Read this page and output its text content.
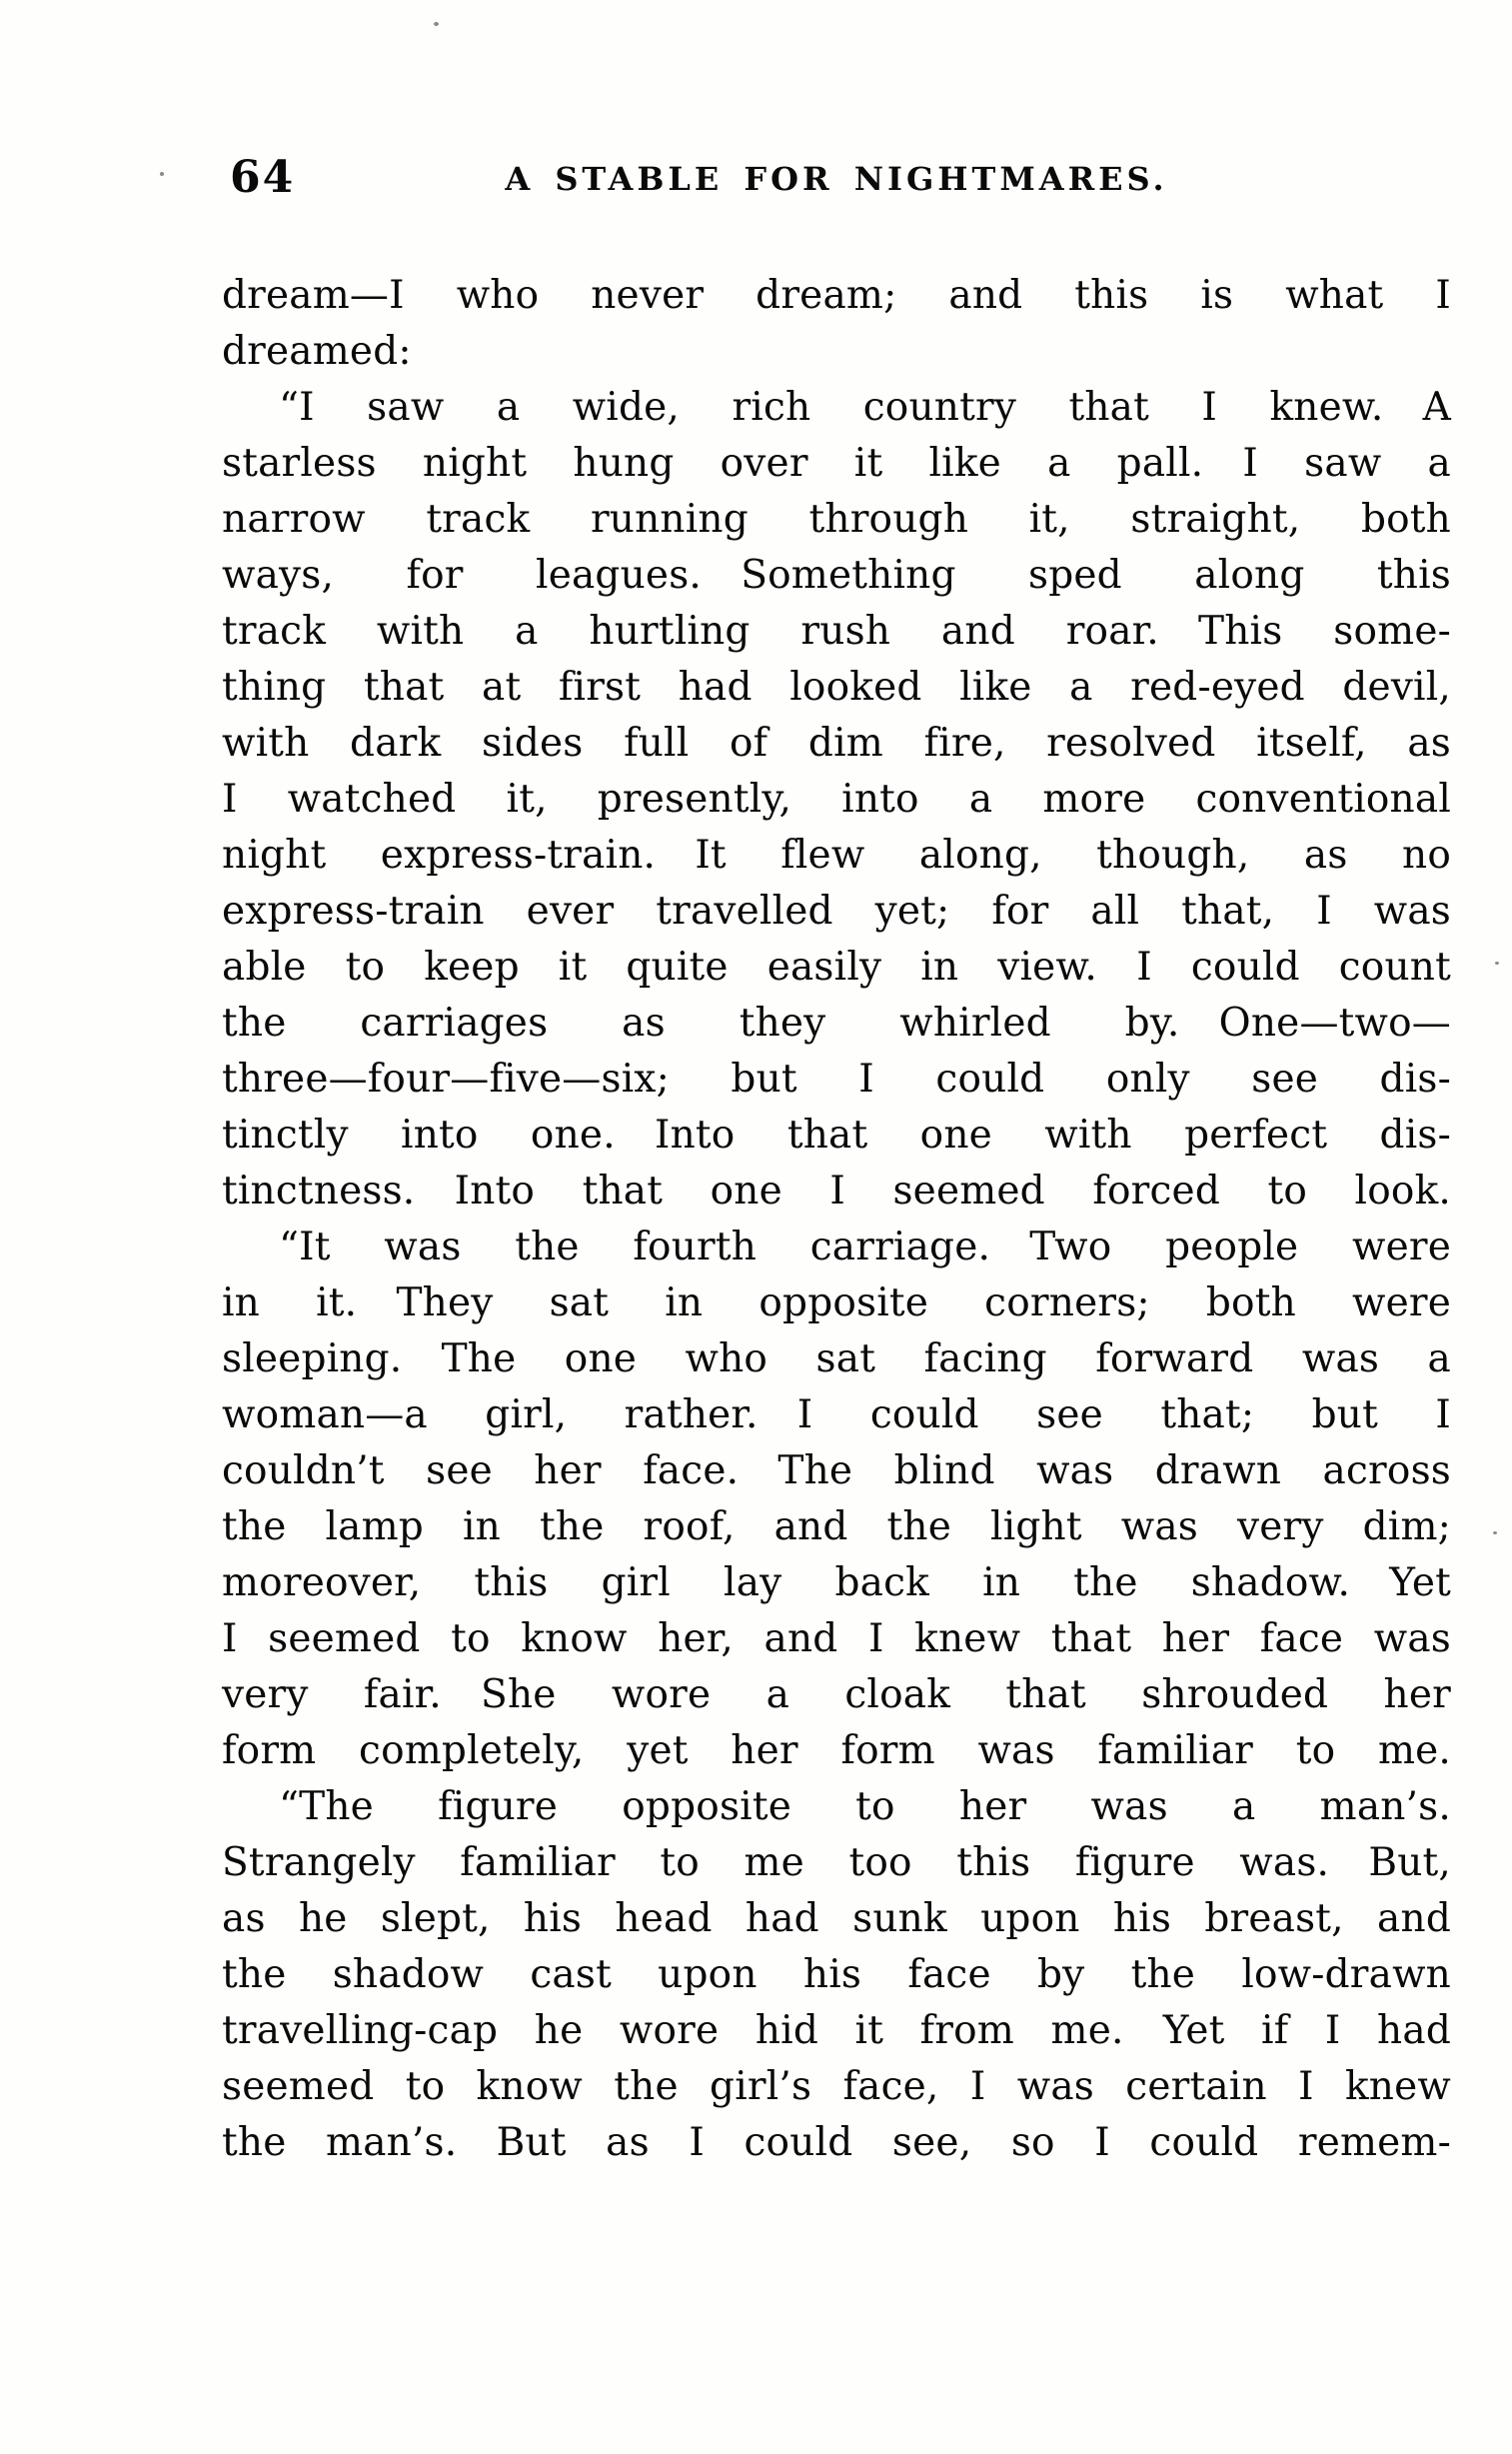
64	A STABLE FOR NIGHTMARES.
dream—I who never dream; and this is what I
dreamed:
“I saw a wide, rich country that I knew. A
starless night hung over it like a pall. I saw a
narrow track running through it, straight, both
ways, for leagues. Something sped along this
track with a hurtling rush and roar. This some-
thing that at first had looked like a red-eyed devil,
with dark sides full of dim fire, resolved itself, as
I watched it, presently, into a more conventional
night express-train. It flew along, though, as no
express-train ever travelled yet; for all that, I was
able to keep it quite easily in view. I could count
the carriages as they whirled by. One—two—
three—four—five—six; but I could only see dis-
tinctly into one. Into that one with perfect dis-
tinctness. Into that one I seemed forced to look.
“It was the fourth carriage. Two people were
in it. They sat in opposite corners; both were
sleeping. The one who sat facing forward was a
woman—a girl, rather. I could see that; but I
couldn’t see her face. The blind was drawn across
the lamp in the roof, and the light was very dim;
moreover, this girl lay back in the shadow. Yet
I seemed to know her, and I knew that her face was
very fair. She wore a cloak that shrouded her
form completely, yet her form was familiar to me.
“The figure opposite to her was a man’s.
Strangely familiar to me too this figure was. But,
as he slept, his head had sunk upon his breast, and
the shadow cast upon his face by the low-drawn
travelling-cap he wore hid it from me. Yet if I had
seemed to know the girl’s face, I was certain I knew
the man’s. But as I could see, so I could remem-
